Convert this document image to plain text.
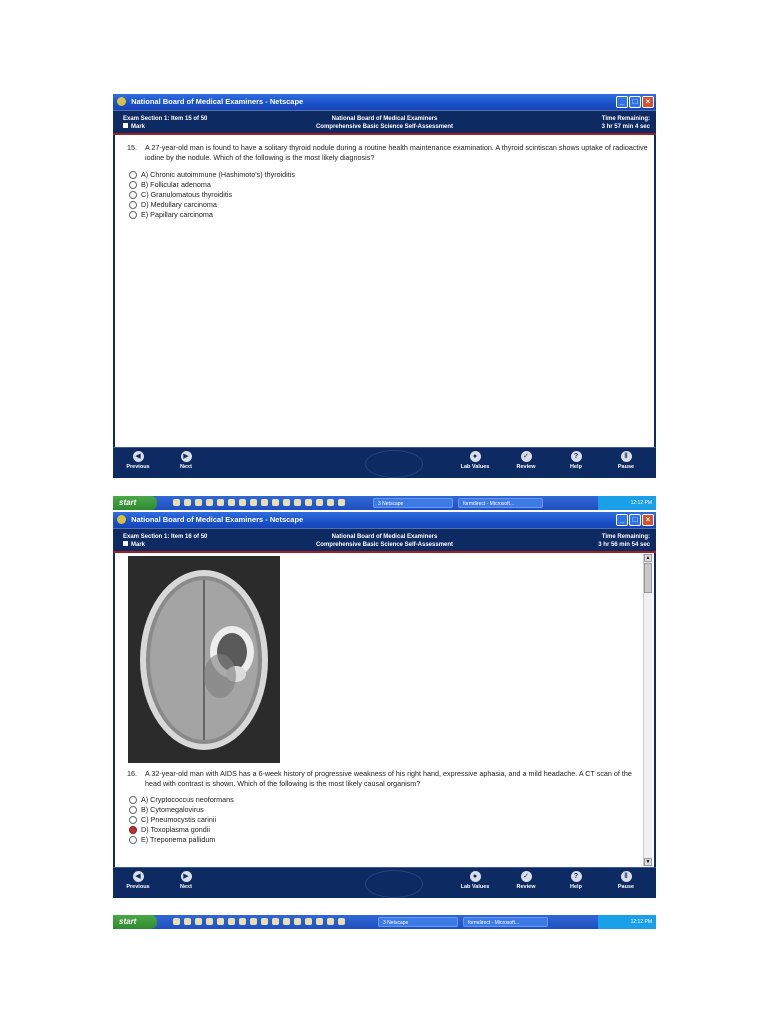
National Board of Medical Examiners - Netscape	_	□	×
Exam Section 1: Item 15 of 50
Mark
National Board of Medical Examiners
Comprehensive Basic Science Self-Assessment
Time Remaining:
3 hr 57 min 4 sec
15. A 27-year-old man is found to have a solitary thyroid nodule during a routine health maintenance examination. A thyroid scintiscan shows uptake of radioactive iodine by the nodule. Which of the following is the most likely diagnosis?
A) Chronic autoimmune (Hashimoto's) thyroiditis
B) Follicular adenoma
C) Granulomatous thyroiditis
D) Medullary carcinoma
E) Papillary carcinoma
◀
Previous
▶
Next
●
Lab Values
✓
Review
?
Help
‖
Pause
start	3 Netscape	formdirect - Microsoft...	12:12 PM
National Board of Medical Examiners - Netscape	_	□	×
Exam Section 1: Item 16 of 50
Mark
National Board of Medical Examiners
Comprehensive Basic Science Self-Assessment
Time Remaining:
3 hr 56 min 54 sec
16. A 32-year-old man with AIDS has a 6-week history of progressive weakness of his right hand, expressive aphasia, and a mild headache. A CT scan of the head with contrast is shown. Which of the following is the most likely causal organism?
A) Cryptococcus neoformans
B) Cytomegalovirus
C) Pneumocystis carinii
D) Toxoplasma gondii
E) Treponema pallidum
▲
▼
◀
Previous
▶
Next
●
Lab Values
✓
Review
?
Help
‖
Pause
start	3 Netscape	formdirect - Microsoft...	12:12 PM
